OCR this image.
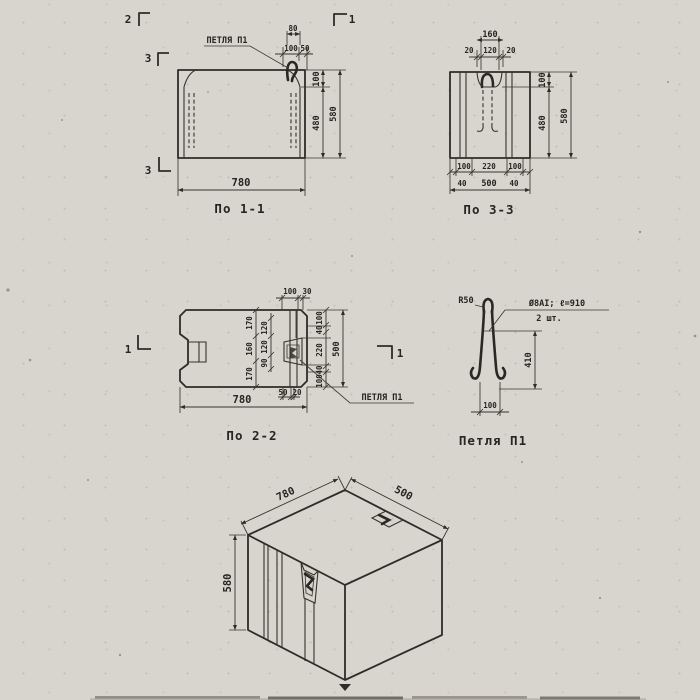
ПЕТЛЯ П1
80
100 50
100
480
580
780
По 1-1
2
3
3
1
160
20 120 20
100
480 580
100 220 100
40 500 40
По 3-3
ПЕТЛЯ П1
170
160
170
120
120
90
100 30
100
40
220
40
100
500
50 20
780
По 2-2
1	1
R50	Ø8АI; ℓ=910
2 шт.
410
100
Петля П1
780	500
580
